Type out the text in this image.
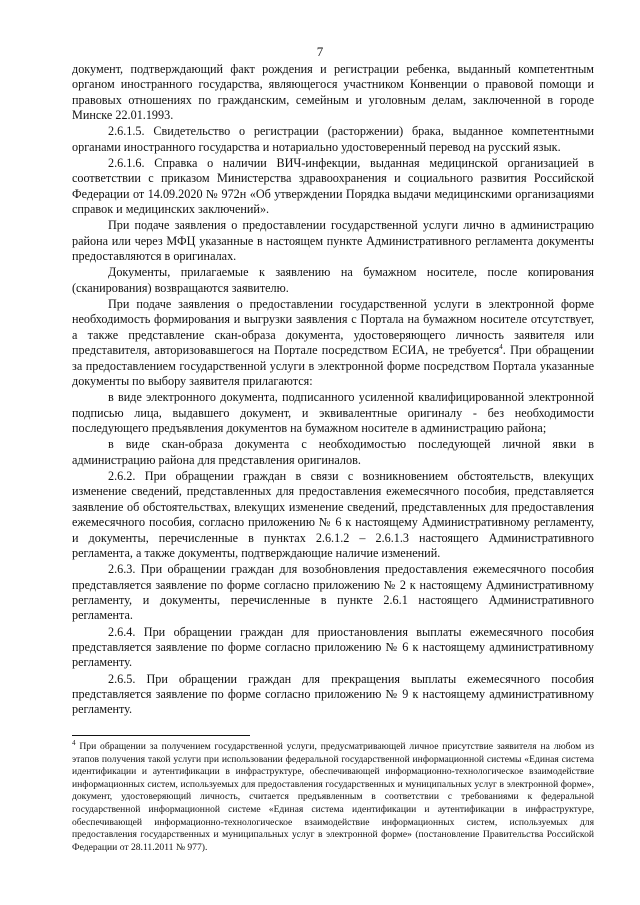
7

документ, подтверждающий факт рождения и регистрации ребенка, выданный компетентным органом иностранного государства, являющегося участником Конвенции о правовой помощи и правовых отношениях по гражданским, семейным и уголовным делам, заключенной в городе Минске 22.01.1993.

2.6.1.5. Свидетельство о регистрации (расторжении) брака, выданное компетентными органами иностранного государства и нотариально удостоверенный перевод на русский язык.

2.6.1.6. Справка о наличии ВИЧ-инфекции, выданная медицинской организацией в соответствии с приказом Министерства здравоохранения и социального развития Российской Федерации от 14.09.2020 № 972н «Об утверждении Порядка выдачи медицинскими организациями справок и медицинских заключений».

При подаче заявления о предоставлении государственной услуги лично в администрацию района или через МФЦ указанные в настоящем пункте Административного регламента документы предоставляются в оригиналах.

Документы, прилагаемые к заявлению на бумажном носителе, после копирования (сканирования) возвращаются заявителю.

При подаче заявления о предоставлении государственной услуги в электронной форме необходимость формирования и выгрузки заявления с Портала на бумажном носителе отсутствует, а также представление скан-образа документа, удостоверяющего личность заявителя или представителя, авторизовавшегося на Портале посредством ЕСИА, не требуется$^4$. При обращении за предоставлением государственной услуги в электронной форме посредством Портала указанные документы по выбору заявителя прилагаются:

в виде электронного документа, подписанного усиленной квалифицированной электронной подписью лица, выдавшего документ, и эквивалентные оригиналу - без необходимости последующего предъявления документов на бумажном носителе в администрацию района;

в виде скан-образа документа с необходимостью последующей личной явки в администрацию района для представления оригиналов.

2.6.2. При обращении граждан в связи с возникновением обстоятельств, влекущих изменение сведений, представленных для предоставления ежемесячного пособия, представляется заявление об обстоятельствах, влекущих изменение сведений, представленных для предоставления ежемесячного пособия, согласно приложению № 6 к настоящему Административному регламенту, и документы, перечисленные в пунктах 2.6.1.2 – 2.6.1.3 настоящего Административного регламента, а также документы, подтверждающие наличие изменений.

2.6.3. При обращении граждан для возобновления предоставления ежемесячного пособия представляется заявление по форме согласно приложению № 2 к настоящему Административному регламенту, и документы, перечисленные в пункте 2.6.1 настоящего Административного регламента.

2.6.4. При обращении граждан для приостановления выплаты ежемесячного пособия представляется заявление по форме согласно приложению № 6 к настоящему административному регламенту.

2.6.5. При обращении граждан для прекращения выплаты ежемесячного пособия представляется заявление по форме согласно приложению № 9 к настоящему административному регламенту.

$^4$ При обращении за получением государственной услуги, предусматривающей личное присутствие заявителя на любом из этапов получения такой услуги при использовании федеральной государственной информационной системы «Единая система идентификации и аутентификации в инфраструктуре, обеспечивающей информационно-технологическое взаимодействие информационных систем, используемых для предоставления государственных и муниципальных услуг в электронной форме», документ, удостоверяющий личность, считается предъявленным в соответствии с требованиями к федеральной государственной информационной системе «Единая система идентификации и аутентификации в инфраструктуре, обеспечивающей информационно-технологическое взаимодействие информационных систем, используемых для предоставления государственных и муниципальных услуг в электронной форме» (постановление Правительства Российской Федерации от 28.11.2011 № 977).
